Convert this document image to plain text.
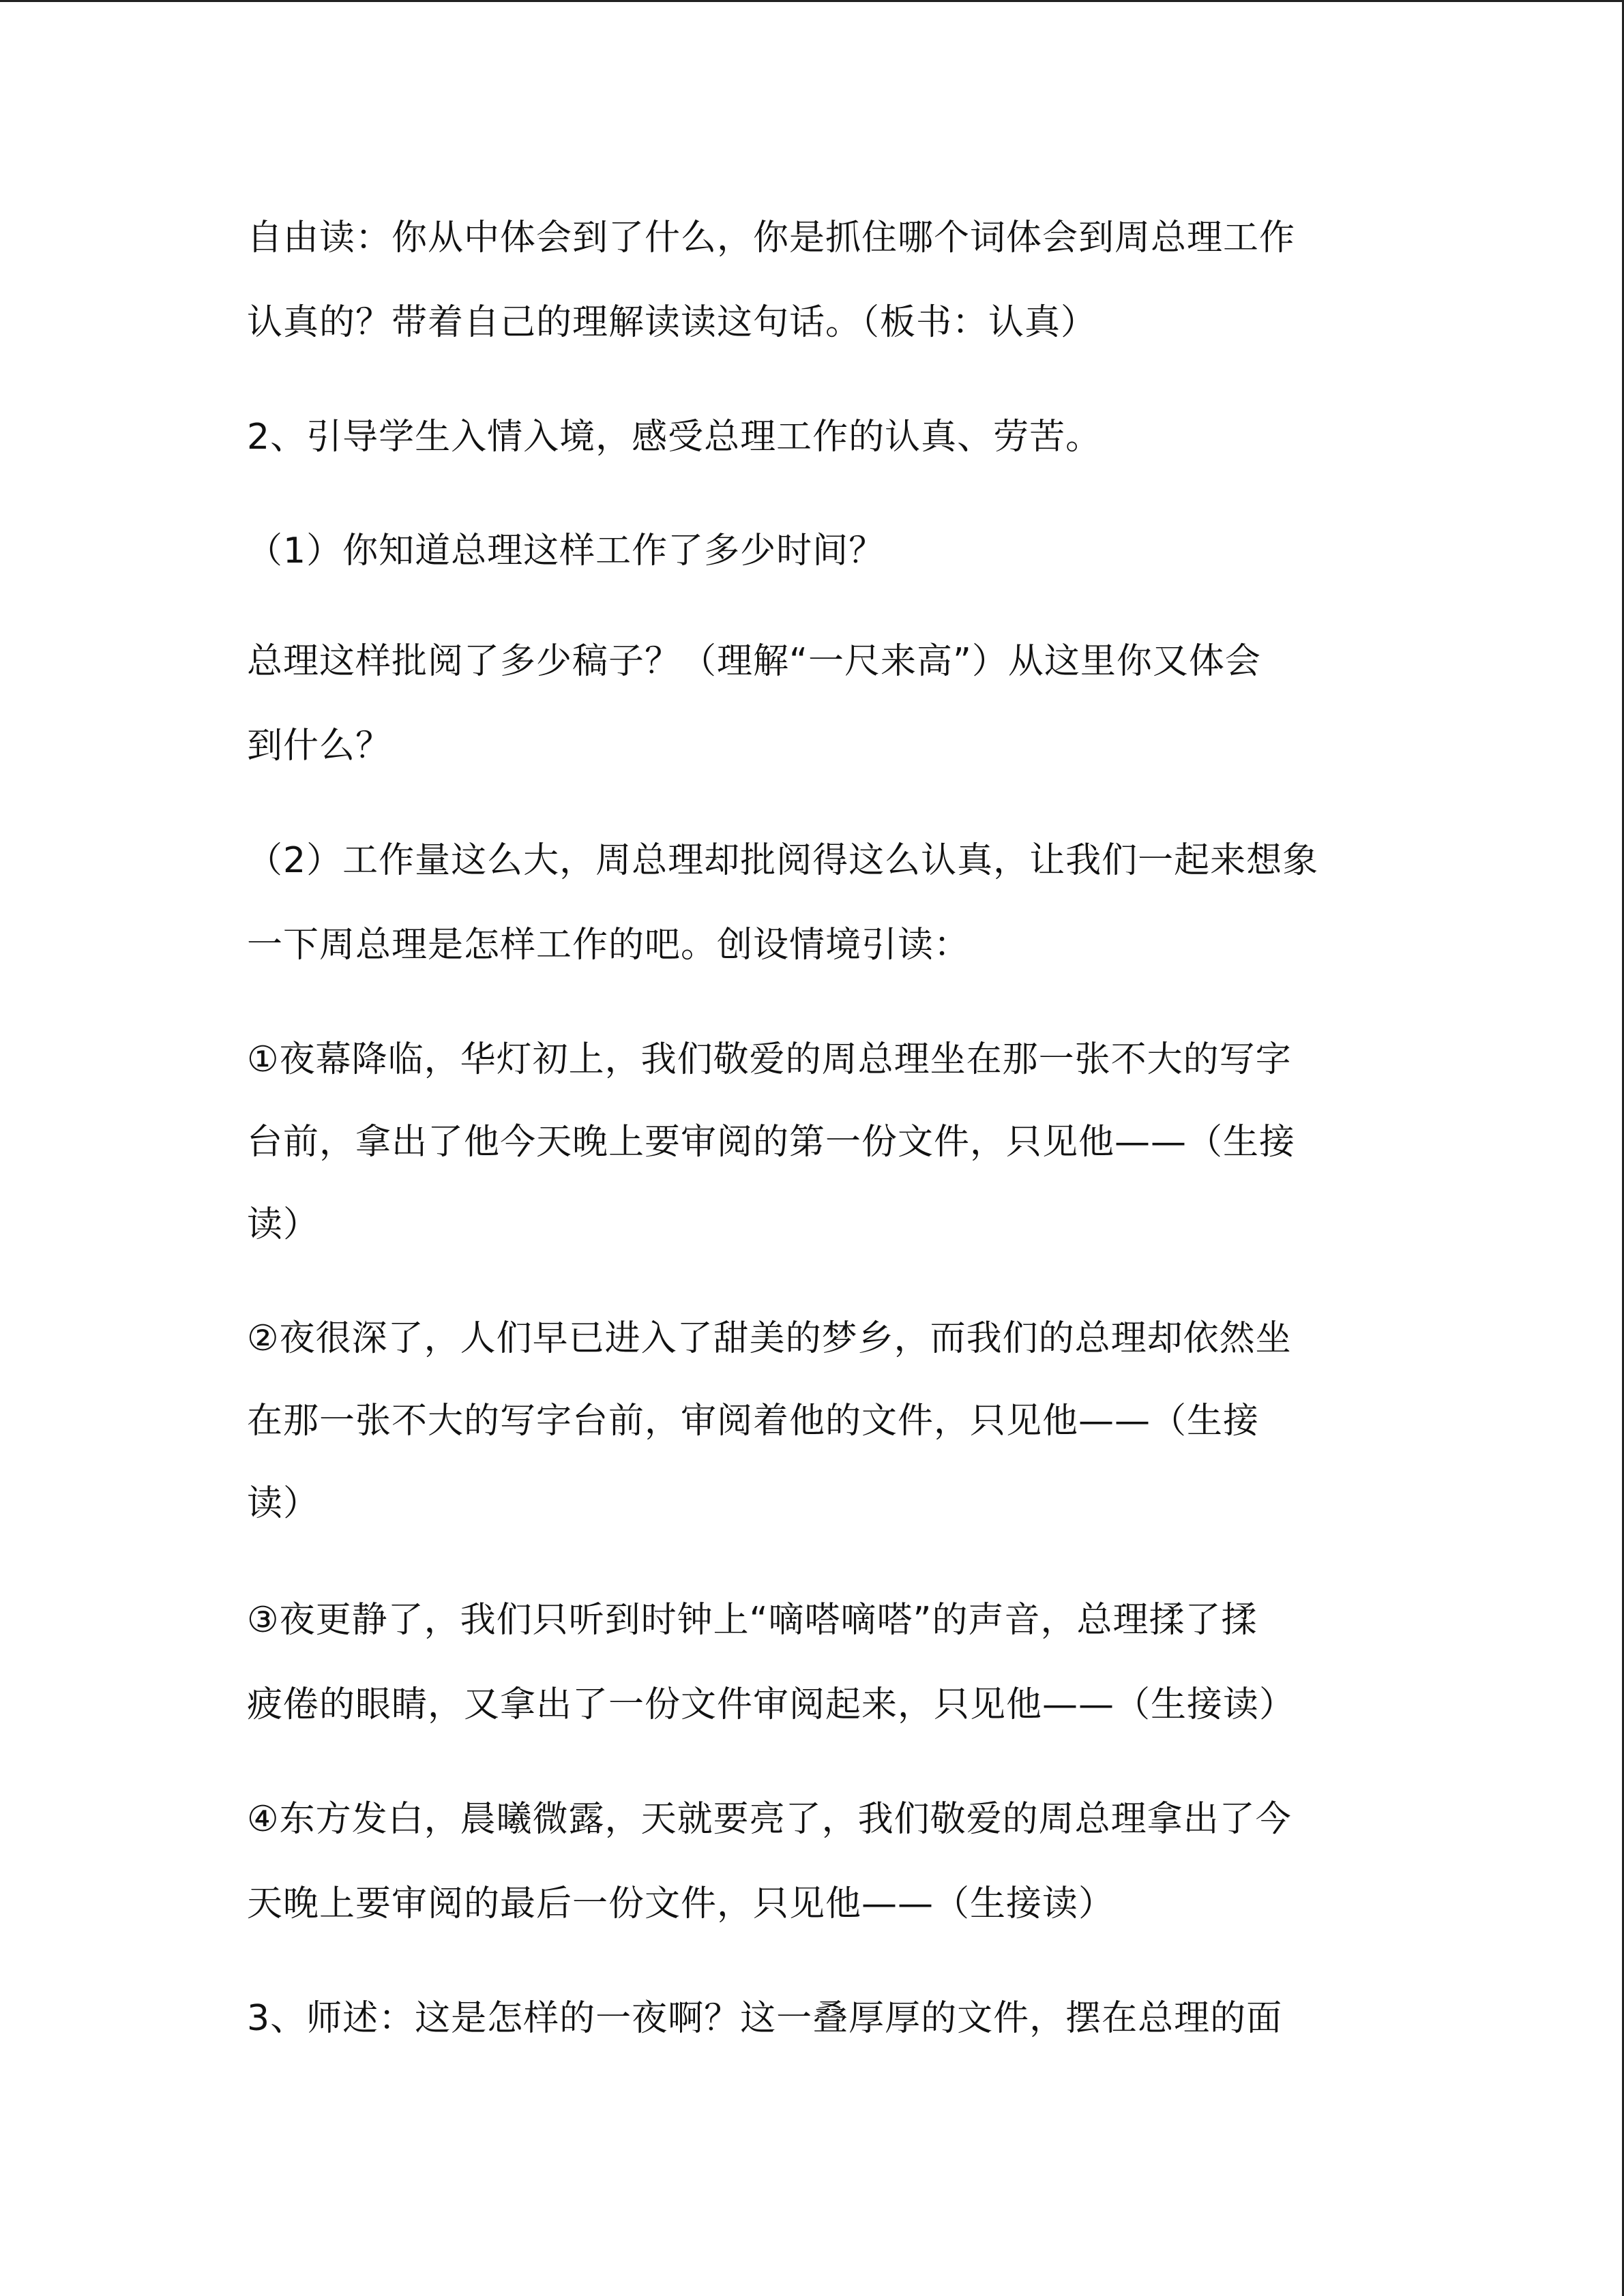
自由读：你从中体会到了什么，你是抓住哪个词体会到周总理工作
认真的？带着自己的理解读读这句话。（板书：认真）
2、引导学生入情入境，感受总理工作的认真、劳苦。
（1）你知道总理这样工作了多少时间？
总理这样批阅了多少稿子？（理解“一尺来高”）从这里你又体会
到什么？
（2）工作量这么大，周总理却批阅得这么认真，让我们一起来想象
一下周总理是怎样工作的吧。创设情境引读：
①夜幕降临，华灯初上，我们敬爱的周总理坐在那一张不大的写字
台前，拿出了他今天晚上要审阅的第一份文件，只见他——（生接
读）
②夜很深了，人们早已进入了甜美的梦乡，而我们的总理却依然坐
在那一张不大的写字台前，审阅着他的文件，只见他——（生接
读）
③夜更静了，我们只听到时钟上“嘀嗒嘀嗒”的声音，总理揉了揉
疲倦的眼睛，又拿出了一份文件审阅起来，只见他——（生接读）
④东方发白，晨曦微露，天就要亮了，我们敬爱的周总理拿出了今
天晚上要审阅的最后一份文件，只见他——（生接读）
3、师述：这是怎样的一夜啊？这一叠厚厚的文件，摆在总理的面
